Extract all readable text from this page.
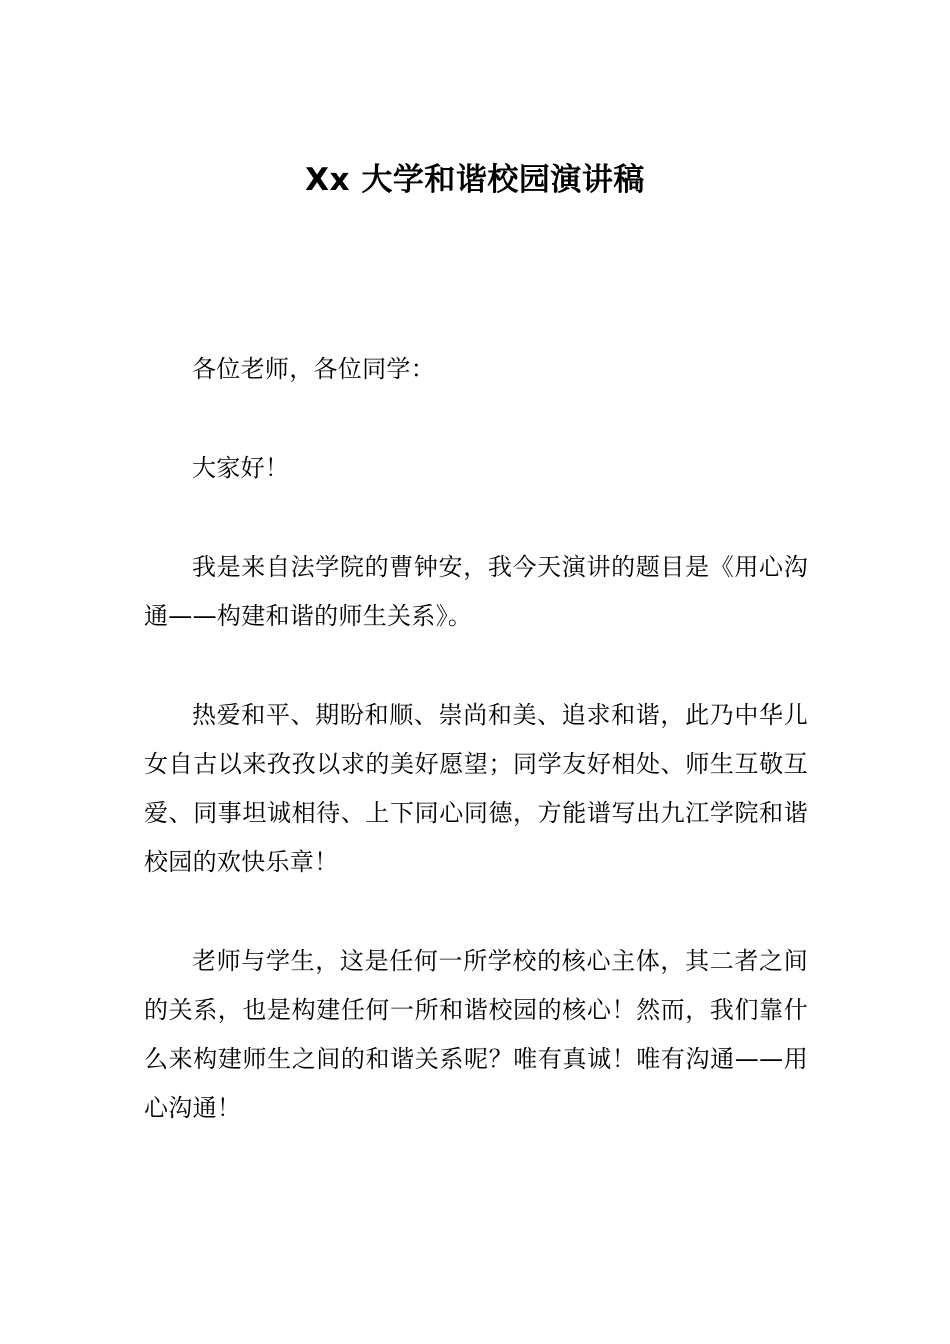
Xx 大学和谐校园演讲稿

各位老师，各位同学：

大家好！

我是来自法学院的曹钟安，我今天演讲的题目是《用心沟通——构建和谐的师生关系》。

热爱和平、期盼和顺、崇尚和美、追求和谐，此乃中华儿女自古以来孜孜以求的美好愿望；同学友好相处、师生互敬互爱、同事坦诚相待、上下同心同德，方能谱写出九江学院和谐校园的欢快乐章！

老师与学生，这是任何一所学校的核心主体，其二者之间的关系，也是构建任何一所和谐校园的核心！然而，我们靠什么来构建师生之间的和谐关系呢？唯有真诚！唯有沟通——用心沟通！
